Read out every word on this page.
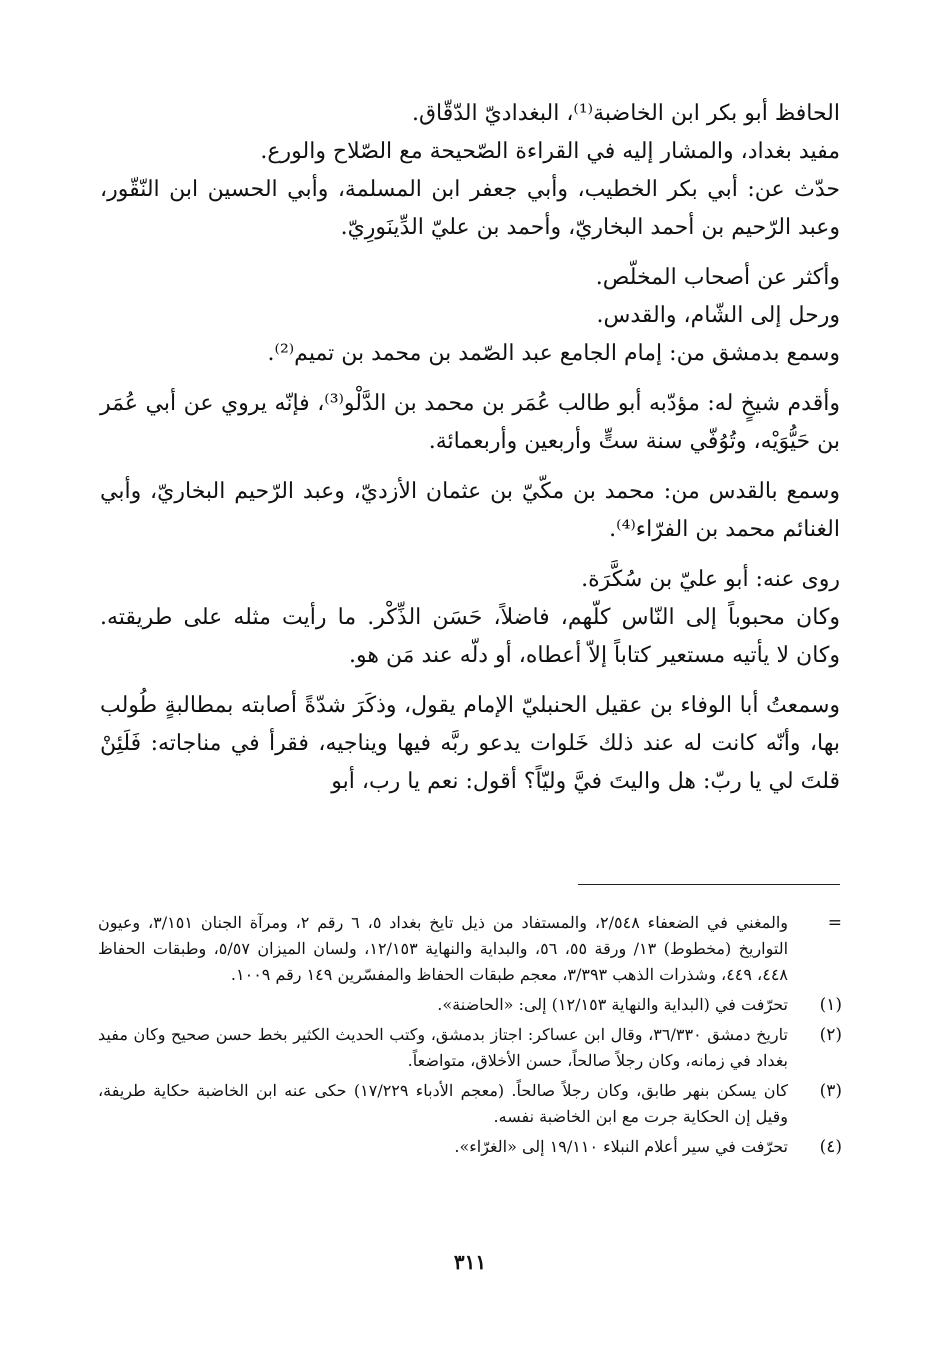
الحافظ أبو بكر ابن الخاضبة⁽¹⁾، البغداديّ الدّقّاق.

مفيد بغداد، والمشار إليه في القراءة الصّحيحة مع الصّلاح والورع.

حدّث عن: أبي بكر الخطيب، وأبي جعفر ابن المسلمة، وأبي الحسين ابن النّقّور، وعبد الرّحيم بن أحمد البخاريّ، وأحمد بن عليّ الدِّينَورِيّ.

وأكثر عن أصحاب المخلّص.

ورحل إلى الشّام، والقدس.

وسمع بدمشق من: إمام الجامع عبد الصّمد بن محمد بن تميم⁽²⁾.

وأقدم شيخٍ له: مؤدّبه أبو طالب عُمَر بن محمد بن الدَّلْو⁽³⁾، فإنّه يروي عن أبي عُمَر بن حَيُّوَيْه، وتُوُفّي سنة ستٍّ وأربعين وأربعمائة.

وسمع بالقدس من: محمد بن مكّيّ بن عثمان الأزديّ، وعبد الرّحيم البخاريّ، وأبي الغنائم محمد بن الفرّاء⁽⁴⁾.

روى عنه: أبو عليّ بن سُكَّرَة.

وكان محبوباً إلى النّاس كلّهم، فاضلاً، حَسَن الذِّكْر. ما رأيت مثله على طريقته. وكان لا يأتيه مستعير كتاباً إلاّ أعطاه، أو دلّه عند مَن هو.

وسمعتُ أبا الوفاء بن عقيل الحنبليّ الإمام يقول، وذكَرَ شدّةً أصابته بمطالبةٍ طُولب بها، وأنّه كانت له عند ذلك خَلوات يدعو ربَّه فيها ويناجيه، فقرأ في مناجاته: فَلَئِنْ قلتَ لي يا ربّ: هل واليتَ فيَّ وليّاً؟ أقول: نعم يا رب، أبو

=
والمغني في الضعفاء ٢/٥٤٨، والمستفاد من ذيل تايخ بغداد ٥، ٦ رقم ٢، ومرآة الجنان ٣/١٥١، وعيون التواريخ (مخطوط) ١٣/ ورقة ٥٥، ٥٦، والبداية والنهاية ١٢/١٥٣، ولسان الميزان ٥/٥٧، وطبقات الحفاظ ٤٤٨، ٤٤٩، وشذرات الذهب ٣/٣٩٣، معجم طبقات الحفاظ والمفسّرين ١٤٩ رقم ١٠٠٩.
(١)
تحرّفت في (البداية والنهاية ١٢/١٥٣) إلى: «الحاضنة».
(٢)
تاريخ دمشق ٣٦/٣٣٠، وقال ابن عساكر: اجتاز بدمشق، وكتب الحديث الكثير بخط حسن صحيح وكان مفيد بغداد في زمانه، وكان رجلاً صالحاً، حسن الأخلاق، متواضعاً.
(٣)
كان يسكن بنهر طابق، وكان رجلاً صالحاً. (معجم الأدباء ١٧/٢٢٩) حكى عنه ابن الخاضبة حكاية طريفة، وقيل إن الحكاية جرت مع ابن الخاضبة نفسه.
(٤)
تحرّفت في سير أعلام النبلاء ١٩/١١٠ إلى «الغرّاء».
٣١١
